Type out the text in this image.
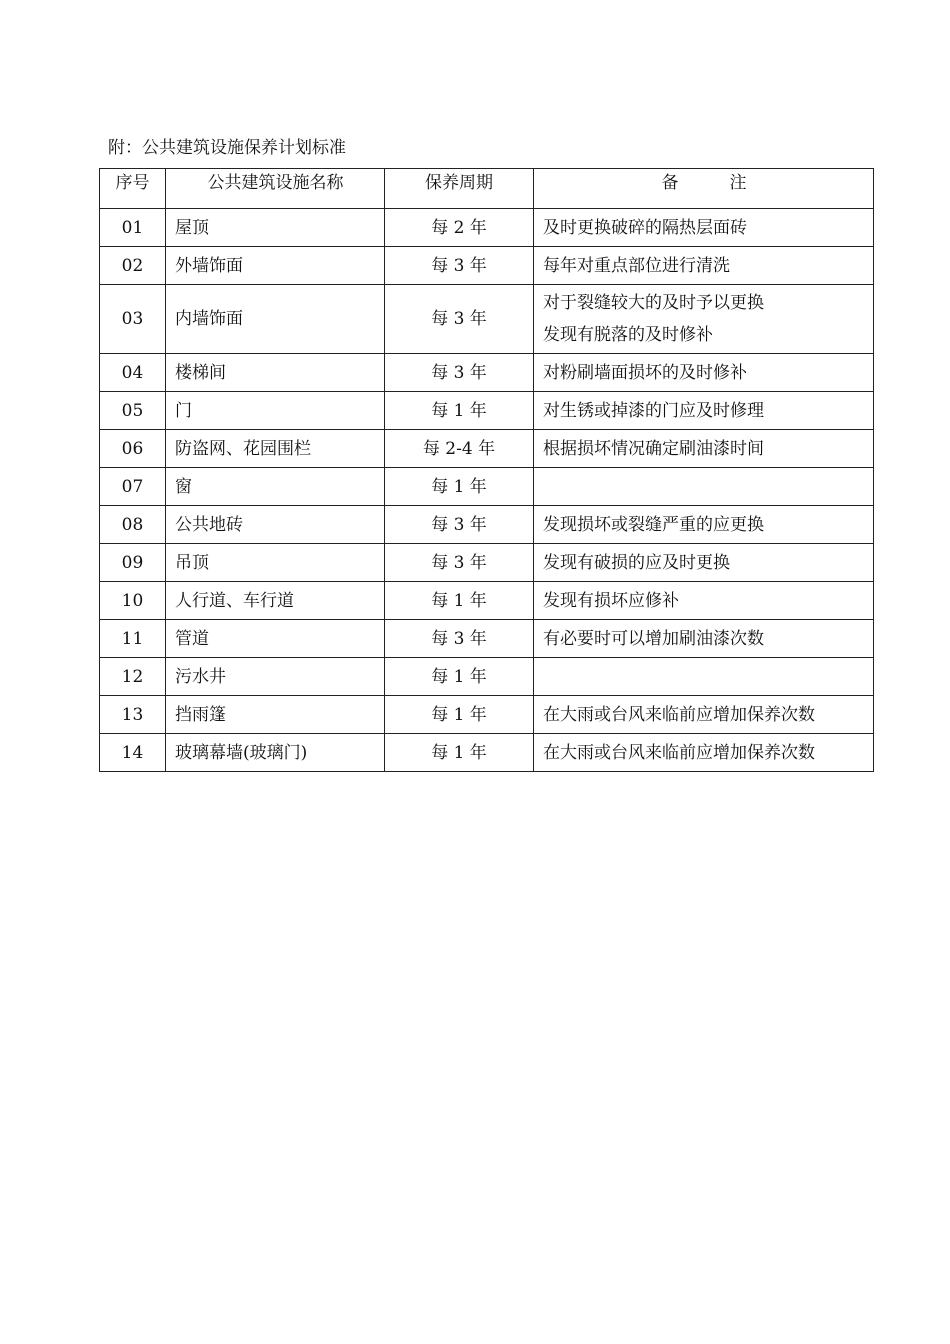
附：公共建筑设施保养计划标准
序号	公共建筑设施名称	保养周期	备　　　注
01	屋顶	每 2 年	及时更换破碎的隔热层面砖

02	外墙饰面	每 3 年	每年对重点部位进行清洗

03	内墙饰面	每 3 年	对于裂缝较大的及时予以更换
发现有脱落的及时修补

04	楼梯间	每 3 年	对粉刷墙面损坏的及时修补

05	门	每 1 年	对生锈或掉漆的门应及时修理

06	防盗网、花园围栏	每 2-4 年	根据损坏情况确定刷油漆时间

07	窗	每 1 年	

08	公共地砖	每 3 年	发现损坏或裂缝严重的应更换

09	吊顶	每 3 年	发现有破损的应及时更换

10	人行道、车行道	每 1 年	发现有损坏应修补

11	管道	每 3 年	有必要时可以增加刷油漆次数

12	污水井	每 1 年	

13	挡雨篷	每 1 年	在大雨或台风来临前应增加保养次数

14	玻璃幕墙(玻璃门)	每 1 年	在大雨或台风来临前应增加保养次数
